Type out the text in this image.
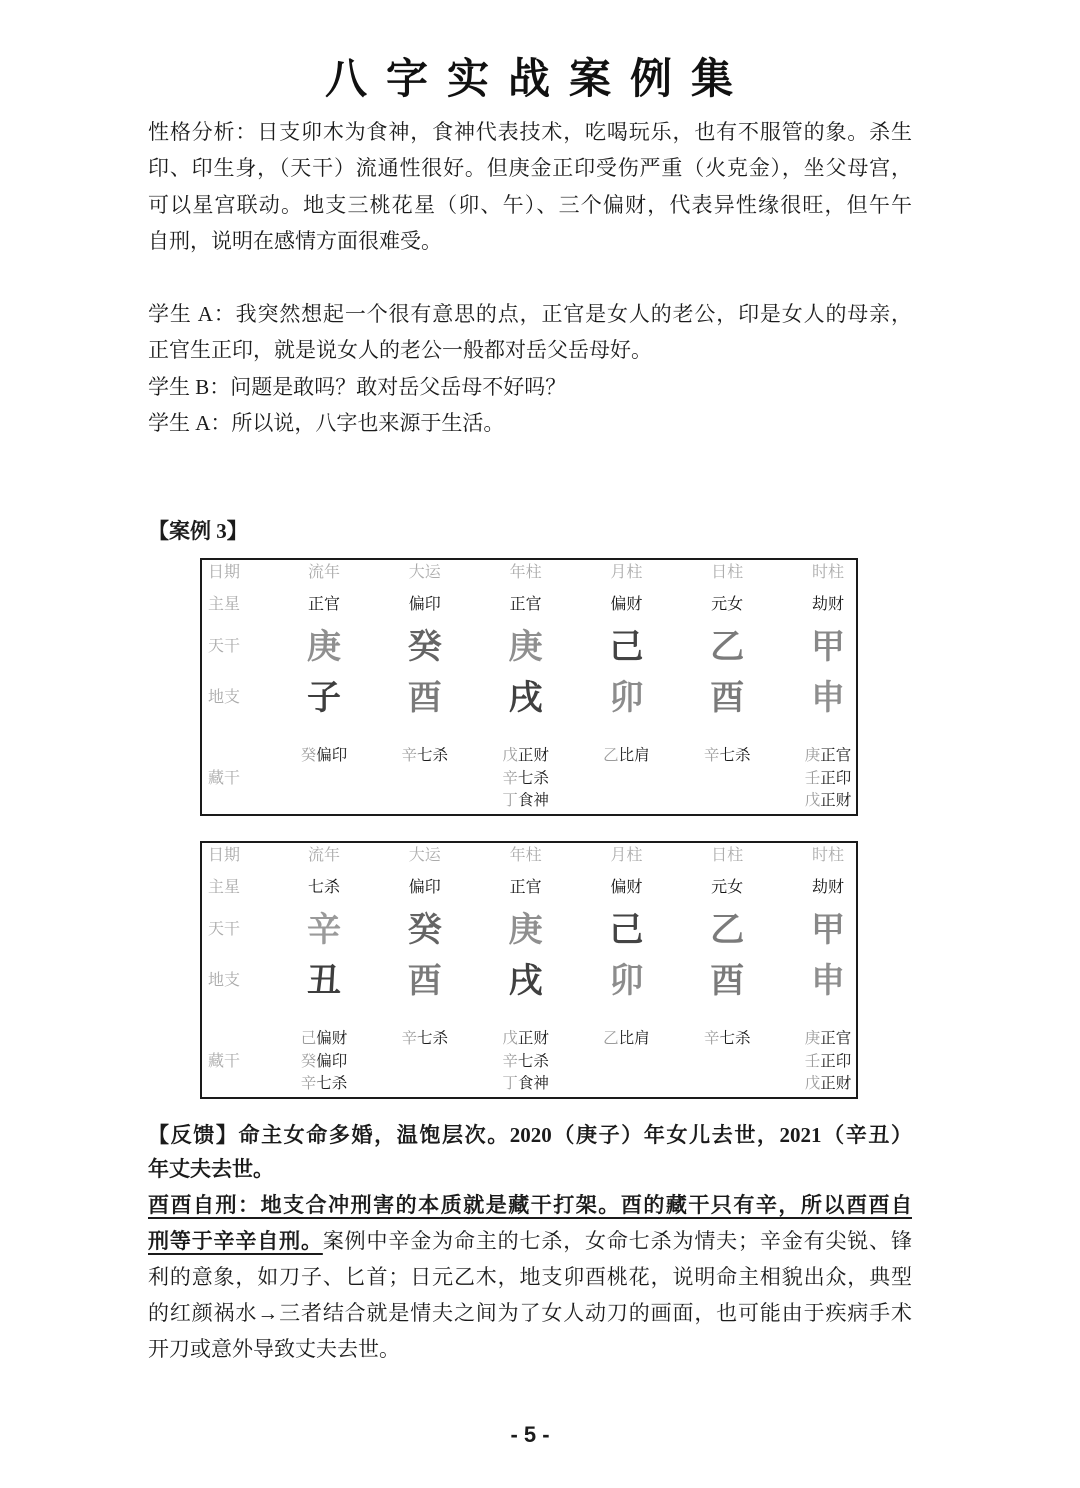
八字实战案例集
性格分析：日支卯木为食神，食神代表技术，吃喝玩乐，也有不服管的象。杀生
印、印生身，（天干）流通性很好。但庚金正印受伤严重（火克金），坐父母宫，
可以星宫联动。地支三桃花星（卯、午）、三个偏财，代表异性缘很旺，但午午
自刑，说明在感情方面很难受。
学生 A：我突然想起一个很有意思的点，正官是女人的老公，印是女人的母亲，
正官生正印，就是说女人的老公一般都对岳父岳母好。
学生 B：问题是敢吗？敢对岳父岳母不好吗？
学生 A：所以说，八字也来源于生活。
【案例 3】
日期
主星
天干
地支
藏干
流年
正官
庚
子
癸偏印
大运
偏印
癸
酉
辛七杀
年柱
正官
庚
戌
戊正财
辛七杀
丁食神
月柱
偏财
己
卯
乙比肩
日柱
元女
乙
酉
辛七杀
时柱
劫财
甲
申
庚正官
壬正印
戊正财
日期
主星
天干
地支
藏干
流年
七杀
辛
丑
己偏财
癸偏印
辛七杀
大运
偏印
癸
酉
辛七杀
年柱
正官
庚
戌
戊正财
辛七杀
丁食神
月柱
偏财
己
卯
乙比肩
日柱
元女
乙
酉
辛七杀
时柱
劫财
甲
申
庚正官
壬正印
戊正财
【反馈】命主女命多婚，温饱层次。2020（庚子）年女儿去世，2021（辛丑）
年丈夫去世。
酉酉自刑：地支合冲刑害的本质就是藏干打架。酉的藏干只有辛，所以酉酉自
刑等于辛辛自刑。案例中辛金为命主的七杀，女命七杀为情夫；辛金有尖锐、锋
利的意象，如刀子、匕首；日元乙木，地支卯酉桃花，说明命主相貌出众，典型
的红颜祸水→三者结合就是情夫之间为了女人动刀的画面，也可能由于疾病手术
开刀或意外导致丈夫去世。
- 5 -
